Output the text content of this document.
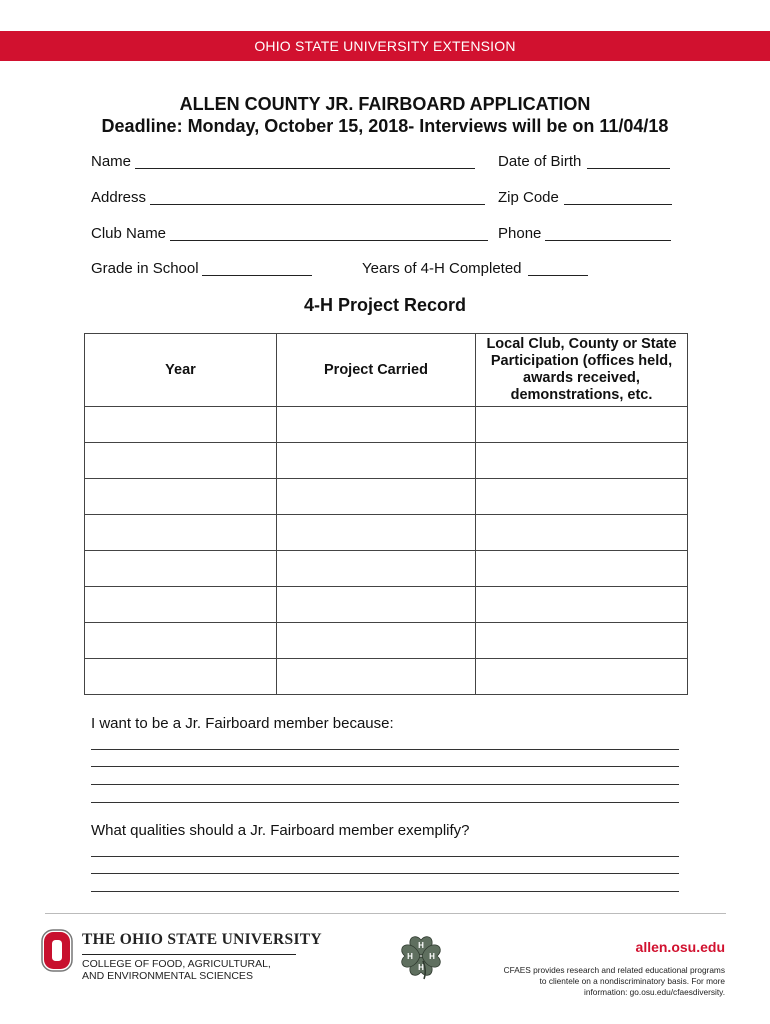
OHIO STATE UNIVERSITY EXTENSION
ALLEN COUNTY JR. FAIRBOARD APPLICATION
Deadline: Monday, October 15, 2018- Interviews will be on 11/04/18
Name	Date of Birth
Address	Zip Code
Club Name	Phone
Grade in School	Years of 4-H Completed
4-H Project Record
Year	Project Carried	Local Club, County or State Participation (offices held, awards received, demonstrations, etc.

I want to be a Jr. Fairboard member because:
What qualities should a Jr. Fairboard member exemplify?
THE OHIO STATE UNIVERSITY
COLLEGE OF FOOD, AGRICULTURAL,
AND ENVIRONMENTAL SCIENCES
H
H
H H
allen.osu.edu
CFAES provides research and related educational programs to clientele on a nondiscriminatory basis. For more information: go.osu.edu/cfaesdiversity.
